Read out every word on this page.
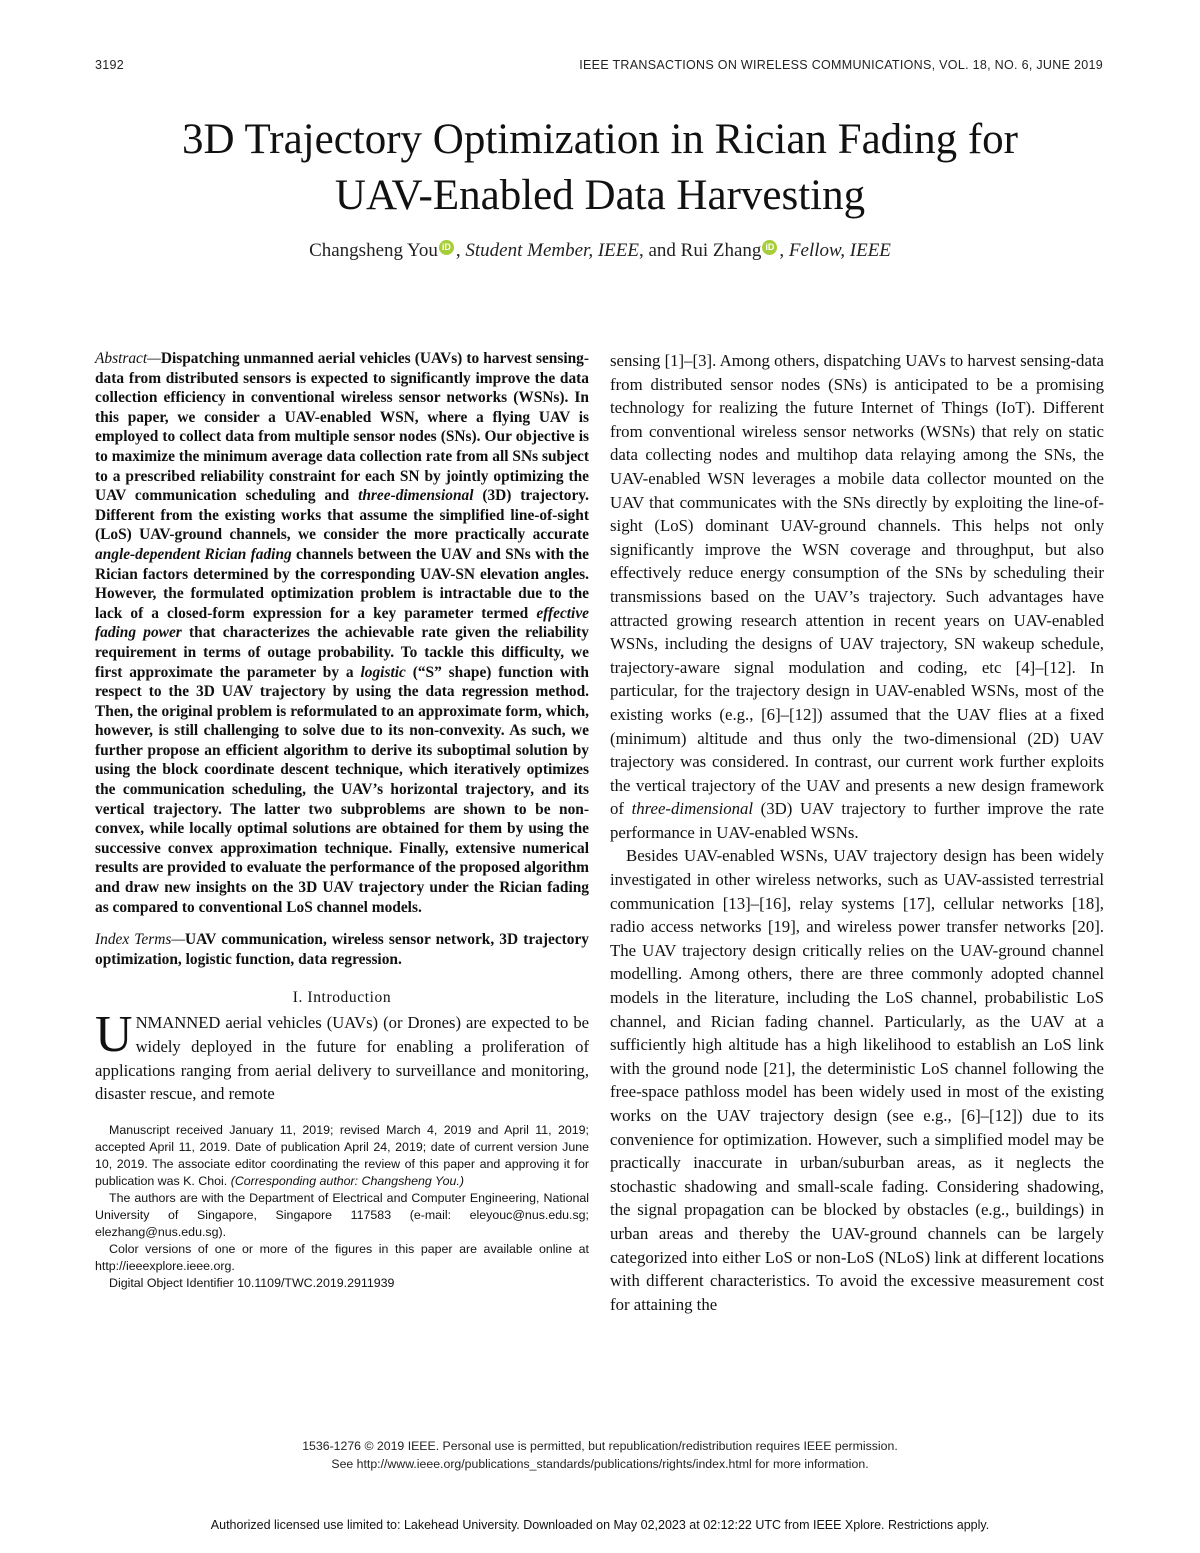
3192	IEEE TRANSACTIONS ON WIRELESS COMMUNICATIONS, VOL. 18, NO. 6, JUNE 2019
3D Trajectory Optimization in Rician Fading for
UAV-Enabled Data Harvesting
Changsheng You iD , Student Member, IEEE, and Rui Zhang iD , Fellow, IEEE

Abstract—Dispatching unmanned aerial vehicles (UAVs) to harvest sensing-data from distributed sensors is expected to significantly improve the data collection efficiency in conventional wireless sensor networks (WSNs). In this paper, we consider a UAV-enabled WSN, where a flying UAV is employed to collect data from multiple sensor nodes (SNs). Our objective is to maximize the minimum average data collection rate from all SNs subject to a prescribed reliability constraint for each SN by jointly optimizing the UAV communication scheduling and three-dimensional (3D) trajectory. Different from the existing works that assume the simplified line-of-sight (LoS) UAV-ground channels, we consider the more practically accurate angle-dependent Rician fading channels between the UAV and SNs with the Rician factors determined by the corresponding UAV-SN elevation angles. However, the formulated optimization problem is intractable due to the lack of a closed-form expression for a key parameter termed effective fading power that characterizes the achievable rate given the reliability requirement in terms of outage probability. To tackle this difficulty, we first approximate the parameter by a logistic (“S” shape) function with respect to the 3D UAV trajectory by using the data regression method. Then, the original problem is reformulated to an approximate form, which, however, is still challenging to solve due to its non-convexity. As such, we further propose an efficient algorithm to derive its suboptimal solution by using the block coordinate descent technique, which iteratively optimizes the communication scheduling, the UAV’s horizontal trajectory, and its vertical trajectory. The latter two subproblems are shown to be non-convex, while locally optimal solutions are obtained for them by using the successive convex approximation technique. Finally, extensive numerical results are provided to evaluate the performance of the proposed algorithm and draw new insights on the 3D UAV trajectory under the Rician fading as compared to conventional LoS channel models.

Index Terms—UAV communication, wireless sensor network, 3D trajectory optimization, logistic function, data regression.

I. Introduction

UNMANNED aerial vehicles (UAVs) (or Drones) are expected to be widely deployed in the future for enabling a proliferation of applications ranging from aerial delivery to surveillance and monitoring, disaster rescue, and remote

Manuscript received January 11, 2019; revised March 4, 2019 and April 11, 2019; accepted April 11, 2019. Date of publication April 24, 2019; date of current version June 10, 2019. The associate editor coordinating the review of this paper and approving it for publication was K. Choi. (Corresponding author: Changsheng You.)

The authors are with the Department of Electrical and Computer Engineering, National University of Singapore, Singapore 117583 (e-mail: eleyouc@nus.edu.sg; elezhang@nus.edu.sg).

Color versions of one or more of the figures in this paper are available online at http://ieeexplore.ieee.org.

Digital Object Identifier 10.1109/TWC.2019.2911939

sensing [1]–[3]. Among others, dispatching UAVs to harvest sensing-data from distributed sensor nodes (SNs) is anticipated to be a promising technology for realizing the future Internet of Things (IoT). Different from conventional wireless sensor networks (WSNs) that rely on static data collecting nodes and multihop data relaying among the SNs, the UAV-enabled WSN leverages a mobile data collector mounted on the UAV that communicates with the SNs directly by exploiting the line-of-sight (LoS) dominant UAV-ground channels. This helps not only significantly improve the WSN coverage and throughput, but also effectively reduce energy consumption of the SNs by scheduling their transmissions based on the UAV’s trajectory. Such advantages have attracted growing research attention in recent years on UAV-enabled WSNs, including the designs of UAV trajectory, SN wakeup schedule, trajectory-aware signal modulation and coding, etc [4]–[12]. In particular, for the trajectory design in UAV-enabled WSNs, most of the existing works (e.g., [6]–[12]) assumed that the UAV flies at a fixed (minimum) altitude and thus only the two-dimensional (2D) UAV trajectory was considered. In contrast, our current work further exploits the vertical trajectory of the UAV and presents a new design framework of three-dimensional (3D) UAV trajectory to further improve the rate performance in UAV-enabled WSNs.

Besides UAV-enabled WSNs, UAV trajectory design has been widely investigated in other wireless networks, such as UAV-assisted terrestrial communication [13]–[16], relay systems [17], cellular networks [18], radio access networks [19], and wireless power transfer networks [20]. The UAV trajectory design critically relies on the UAV-ground channel modelling. Among others, there are three commonly adopted channel models in the literature, including the LoS channel, probabilistic LoS channel, and Rician fading channel. Particularly, as the UAV at a sufficiently high altitude has a high likelihood to establish an LoS link with the ground node [21], the deterministic LoS channel following the free-space pathloss model has been widely used in most of the existing works on the UAV trajectory design (see e.g., [6]–[12]) due to its convenience for optimization. However, such a simplified model may be practically inaccurate in urban/suburban areas, as it neglects the stochastic shadowing and small-scale fading. Considering shadowing, the signal propagation can be blocked by obstacles (e.g., buildings) in urban areas and thereby the UAV-ground channels can be largely categorized into either LoS or non-LoS (NLoS) link at different locations with different characteristics. To avoid the excessive measurement cost for attaining the

1536-1276 © 2019 IEEE. Personal use is permitted, but republication/redistribution requires IEEE permission.
See http://www.ieee.org/publications_standards/publications/rights/index.html for more information.
Authorized licensed use limited to: Lakehead University. Downloaded on May 02,2023 at 02:12:22 UTC from IEEE Xplore. Restrictions apply.
